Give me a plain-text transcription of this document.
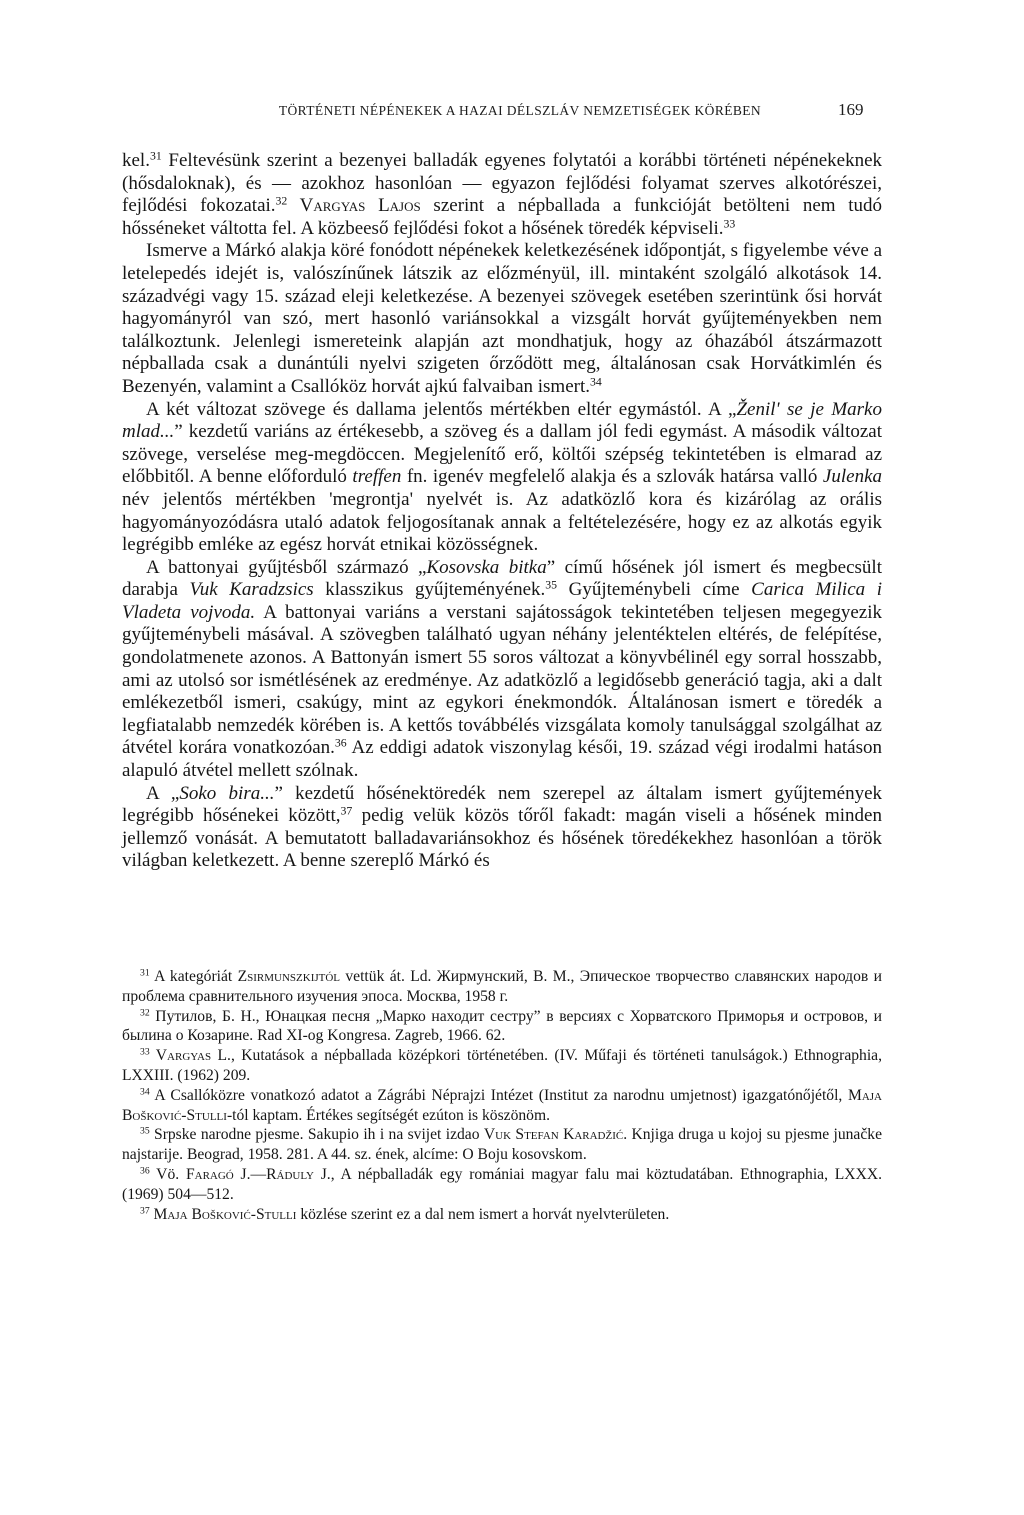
TÖRTÉNETI NÉPÉNEKEK A HAZAI DÉLSZLÁV NEMZETISÉGEK KÖRÉBEN	169

kel.$^{31}$ Feltevésünk szerint a bezenyei balladák egyenes folytatói a korábbi történeti népénekeknek (hősdaloknak), és — azokhoz hasonlóan — egyazon fejlődési folyamat szerves alkotórészei, fejlődési fokozatai.$^{32}$ Vargyas Lajos szerint a népballada a funkcióját betölteni nem tudó hősséneket váltotta fel. A közbeeső fejlődési fokot a hősének töredék képviseli.$^{33}$

Ismerve a Márkó alakja köré fonódott népénekek keletkezésének időpontját, s figyelembe véve a letelepedés idejét is, valószínűnek látszik az előzményül, ill. mintaként szolgáló alkotások 14. századvégi vagy 15. század eleji keletkezése. A bezenyei szövegek esetében szerintünk ősi horvát hagyományról van szó, mert hasonló variánsokkal a vizsgált horvát gyűjteményekben nem találkoztunk. Jelenlegi ismereteink alapján azt mondhatjuk, hogy az óhazából átszármazott népballada csak a dunántúli nyelvi szigeten őrződött meg, általánosan csak Horvátkimlén és Bezenyén, valamint a Csallóköz horvát ajkú falvaiban ismert.$^{34}$

A két változat szövege és dallama jelentős mértékben eltér egymástól. A „Ženil' se je Marko mlad...” kezdetű variáns az értékesebb, a szöveg és a dallam jól fedi egymást. A második változat szövege, verselése meg-megdöccen. Megjelenítő erő, költői szépség tekintetében is elmarad az előbbitől. A benne előforduló treffen fn. igenév megfelelő alakja és a szlovák határsa valló Julenka név jelentős mértékben 'megrontja' nyelvét is. Az adatközlő kora és kizárólag az orális hagyományozódásra utaló adatok feljogosítanak annak a feltételezésére, hogy ez az alkotás egyik legrégibb emléke az egész horvát etnikai közösségnek.

A battonyai gyűjtésből származó „Kosovska bitka” című hősének jól ismert és megbecsült darabja Vuk Karadzsics klasszikus gyűjteményének.$^{35}$ Gyűjteménybeli címe Carica Milica i Vladeta vojvoda. A battonyai variáns a verstani sajátosságok tekintetében teljesen megegyezik gyűjteménybeli másával. A szövegben található ugyan néhány jelentéktelen eltérés, de felépítése, gondolatmenete azonos. A Battonyán ismert 55 soros változat a könyvbélinél egy sorral hosszabb, ami az utolsó sor ismétlésének az eredménye. Az adatközlő a legidősebb generáció tagja, aki a dalt emlékezetből ismeri, csakúgy, mint az egykori énekmondók. Általánosan ismert e töredék a legfiatalabb nemzedék körében is. A kettős továbbélés vizsgálata komoly tanulsággal szolgálhat az átvétel korára vonatkozóan.$^{36}$ Az eddigi adatok viszonylag késői, 19. század végi irodalmi hatáson alapuló átvétel mellett szólnak.

A „Soko bira...” kezdetű hősénektöredék nem szerepel az általam ismert gyűjtemények legrégibb hősénekei között,$^{37}$ pedig velük közös tőről fakadt: magán viseli a hősének minden jellemző vonását. A bemutatott balladavariánsokhoz és hősének töredékekhez hasonlóan a török világban keletkezett. A benne szereplő Márkó és

$^{31}$ A kategóriát Zsirmunszkijtól vettük át. Ld. Жирмунский, В. М., Эпическое творчество славянских народов и проблема сравнительного изучения эпоса. Москва, 1958 г.

$^{32}$ Путилов, Б. Н., Юнацкая песня „Марко находит сестру” в версиях с Хорватского Приморья и островов, и былина о Козарине. Rad XI-og Kongresa. Zagreb, 1966. 62.

$^{33}$ Vargyas L., Kutatások a népballada középkori történetében. (IV. Műfaji és történeti tanulságok.) Ethnographia, LXXIII. (1962) 209.

$^{34}$ A Csallóközre vonatkozó adatot a Zágrábi Néprajzi Intézet (Institut za narodnu umjetnost) igazgatónőjétől, Maja Bošković-Stulli-tól kaptam. Értékes segítségét ezúton is köszönöm.

$^{35}$ Srpske narodne pjesme. Sakupio ih i na svijet izdao Vuk Stefan Karadžić. Knjiga druga u kojoj su pjesme junačke najstarije. Beograd, 1958. 281. A 44. sz. ének, alcíme: O Boju kosovskom.

$^{36}$ Vö. Faragó J.—Ráduly J., A népballadák egy romániai magyar falu mai köztudatában. Ethnographia, LXXX. (1969) 504—512.

$^{37}$ Maja Bošković-Stulli közlése szerint ez a dal nem ismert a horvát nyelvterületen.
